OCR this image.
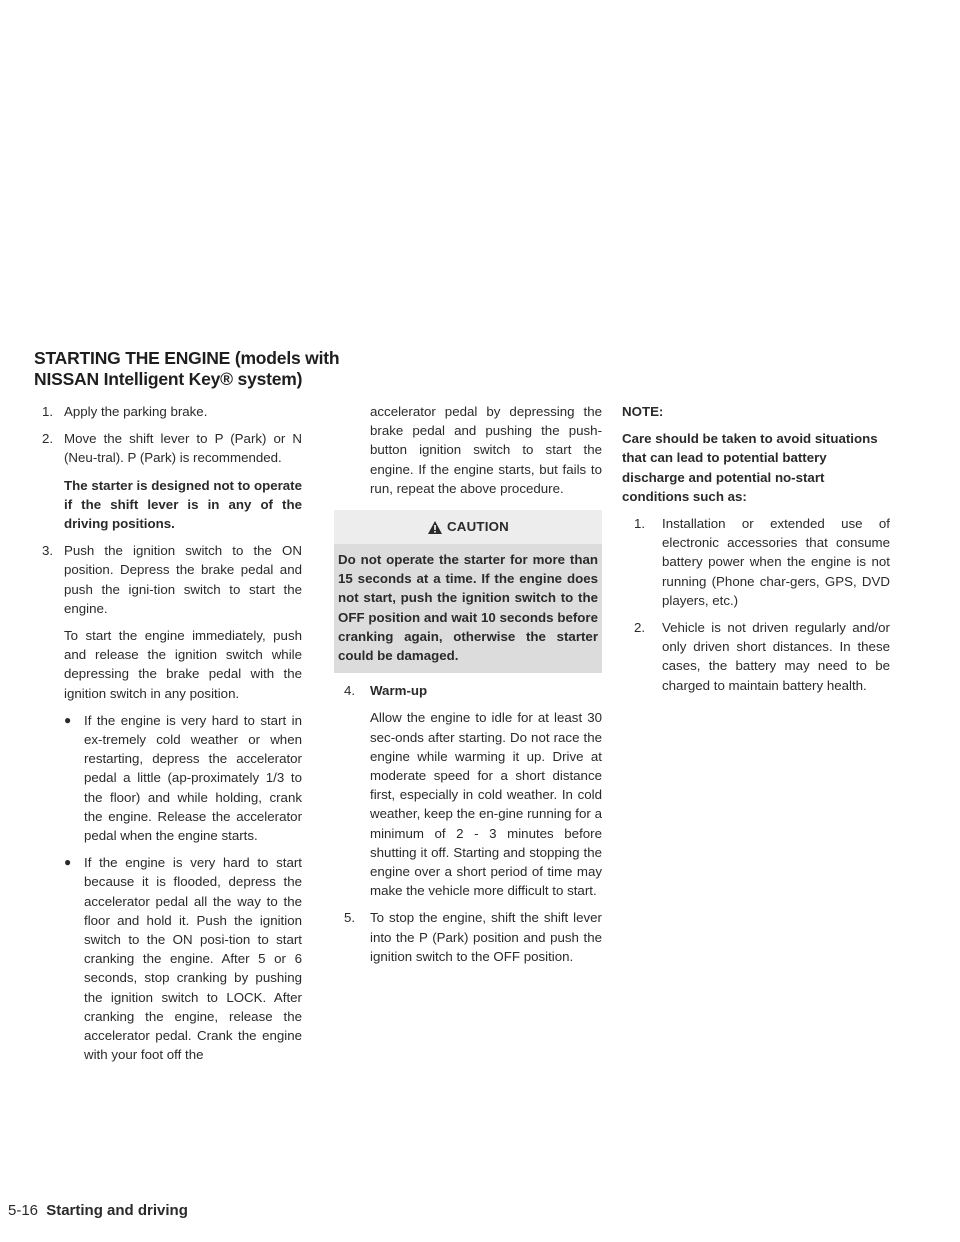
STARTING THE ENGINE (models with
NISSAN Intelligent Key® system)
1. Apply the parking brake.

2. Move the shift lever to P (Park) or N (Neu-tral). P (Park) is recommended.

The starter is designed not to operate if the shift lever is in any of the driving positions.

3. Push the ignition switch to the ON position. Depress the brake pedal and push the igni-tion switch to start the engine.

To start the engine immediately, push and release the ignition switch while depressing the brake pedal with the ignition switch in any position.

● If the engine is very hard to start in ex-tremely cold weather or when restarting, depress the accelerator pedal a little (ap-proximately 1/3 to the floor) and while holding, crank the engine. Release the accelerator pedal when the engine starts.

● If the engine is very hard to start because it is flooded, depress the accelerator pedal all the way to the floor and hold it. Push the ignition switch to the ON posi-tion to start cranking the engine. After 5 or 6 seconds, stop cranking by pushing the ignition switch to LOCK. After cranking the engine, release the accelerator pedal. Crank the engine with your foot off the

accelerator pedal by depressing the brake pedal and pushing the push-button ignition switch to start the engine. If the engine starts, but fails to run, repeat the above procedure.

CAUTION
Do not operate the starter for more than 15 seconds at a time. If the engine does not start, push the ignition switch to the OFF position and wait 10 seconds before cranking again, otherwise the starter could be damaged.
4. Warm-up

Allow the engine to idle for at least 30 sec-onds after starting. Do not race the engine while warming it up. Drive at moderate speed for a short distance first, especially in cold weather. In cold weather, keep the en-gine running for a minimum of 2 - 3 minutes before shutting it off. Starting and stopping the engine over a short period of time may make the vehicle more difficult to start.

5. To stop the engine, shift the shift lever into the P (Park) position and push the ignition switch to the OFF position.

NOTE:

Care should be taken to avoid situations that can lead to potential battery discharge and potential no-start conditions such as:

1. Installation or extended use of electronic accessories that consume battery power when the engine is not running (Phone char-gers, GPS, DVD players, etc.)

2. Vehicle is not driven regularly and/or only driven short distances. In these cases, the battery may need to be charged to maintain battery health.

5-16 Starting and driving
